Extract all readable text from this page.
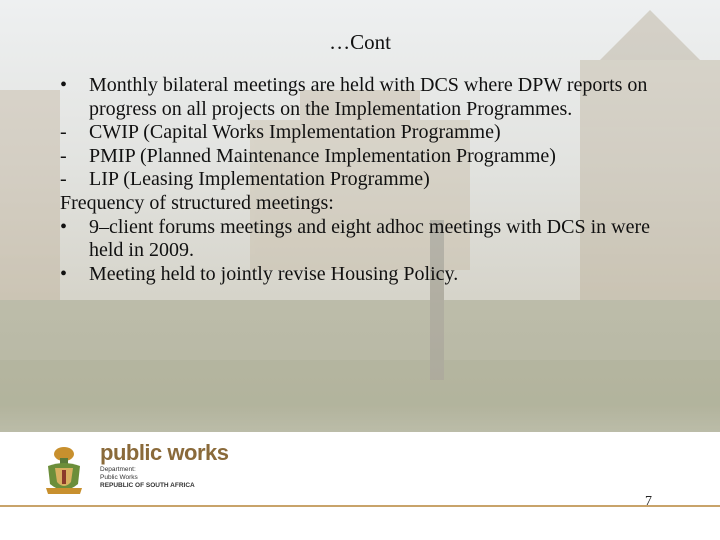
…Cont
•	Monthly bilateral meetings are held with DCS where DPW reports on progress on all projects on the Implementation Programmes.
-	CWIP (Capital Works Implementation Programme)
-	PMIP (Planned Maintenance Implementation Programme)
-	LIP (Leasing Implementation Programme)
Frequency of structured meetings:
•	9–client forums meetings and eight adhoc meetings with DCS in were held in 2009.
•	Meeting held to jointly revise Housing Policy.
public works
Department:
Public Works
REPUBLIC OF SOUTH AFRICA
7
